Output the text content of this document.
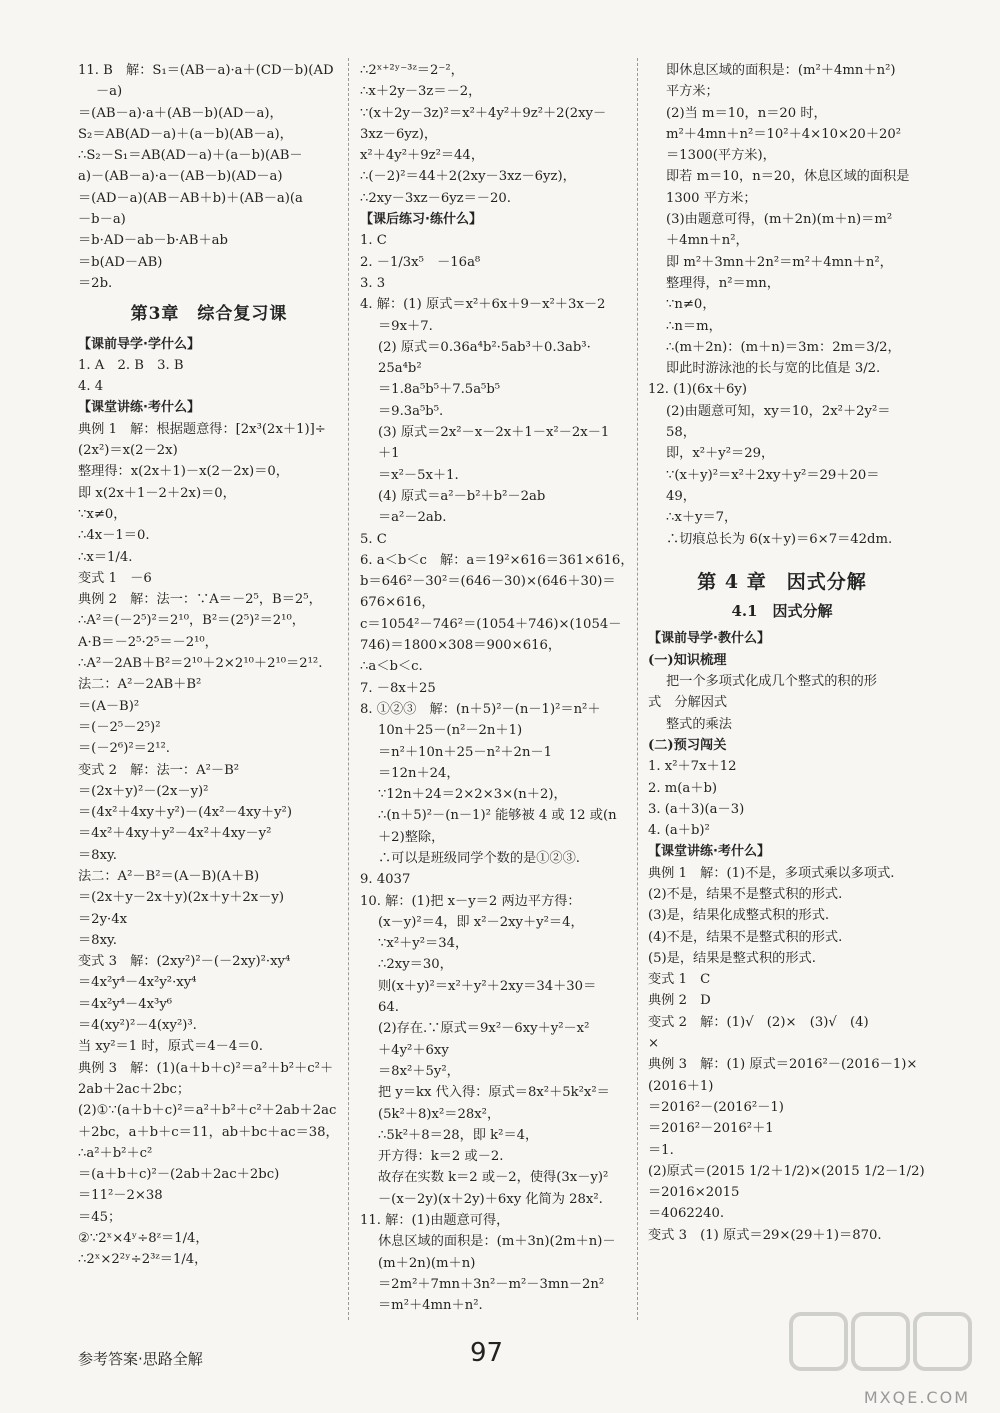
11. B　解：S₁＝(AB－a)·a＋(CD－b)(AD
－a)
＝(AB－a)·a＋(AB－b)(AD－a)，
S₂＝AB(AD－a)＋(a－b)(AB－a)，
∴S₂－S₁＝AB(AD－a)＋(a－b)(AB－
a)－(AB－a)·a－(AB－b)(AD－a)
＝(AD－a)(AB－AB＋b)＋(AB－a)(a
－b－a)
＝b·AD－ab－b·AB＋ab
＝b(AD－AB)
＝2b.
第3章　综合复习课
【课前导学·学什么】
1. A　2. B　3. B
4. 4
【课堂讲练·考什么】
典例 1　解：根据题意得：[2x³(2x＋1)]÷
(2x²)＝x(2－2x)
整理得：x(2x＋1)－x(2－2x)＝0，
即 x(2x＋1－2＋2x)＝0，
∵x≠0，
∴4x－1＝0.
∴x＝1/4.
变式 1　－6
典例 2　解：法一：∵A＝－2⁵，B＝2⁵，
∴A²＝(－2⁵)²＝2¹⁰，B²＝(2⁵)²＝2¹⁰，
A·B＝－2⁵·2⁵＝－2¹⁰，
∴A²－2AB＋B²＝2¹⁰＋2×2¹⁰＋2¹⁰＝2¹².
法二：A²－2AB＋B²
＝(A－B)²
＝(－2⁵－2⁵)²
＝(－2⁶)²＝2¹².
变式 2　解：法一：A²－B²
＝(2x＋y)²－(2x－y)²
＝(4x²＋4xy＋y²)－(4x²－4xy＋y²)
＝4x²＋4xy＋y²－4x²＋4xy－y²
＝8xy.
法二：A²－B²＝(A－B)(A＋B)
＝(2x＋y－2x＋y)(2x＋y＋2x－y)
＝2y·4x
＝8xy.
变式 3　解：(2xy²)²－(－2xy)²·xy⁴
＝4x²y⁴－4x²y²·xy⁴
＝4x²y⁴－4x³y⁶
＝4(xy²)²－4(xy²)³.
当 xy²＝1 时，原式＝4－4＝0.
典例 3　解：(1)(a＋b＋c)²＝a²＋b²＋c²＋
2ab＋2ac＋2bc；
(2)①∵(a＋b＋c)²＝a²＋b²＋c²＋2ab＋2ac
＋2bc，a＋b＋c＝11，ab＋bc＋ac＝38，
∴a²＋b²＋c²
＝(a＋b＋c)²－(2ab＋2ac＋2bc)
＝11²－2×38
＝45；
②∵2ˣ×4ʸ÷8ᶻ＝1/4，
∴2ˣ×2²ʸ÷2³ᶻ＝1/4，
∴2ˣ⁺²ʸ⁻³ᶻ＝2⁻²，
∴x＋2y－3z＝－2，
∵(x＋2y－3z)²＝x²＋4y²＋9z²＋2(2xy－
3xz－6yz)，
x²＋4y²＋9z²＝44，
∴(－2)²＝44＋2(2xy－3xz－6yz)，
∴2xy－3xz－6yz＝－20.
【课后练习·练什么】
1. C
2. －1/3x⁵　－16a⁸
3. 3
4. 解：(1) 原式＝x²＋6x＋9－x²＋3x－2
＝9x＋7.
(2) 原式＝0.36a⁴b²·5ab³＋0.3ab³·
25a⁴b²
＝1.8a⁵b⁵＋7.5a⁵b⁵
＝9.3a⁵b⁵.
(3) 原式＝2x²－x－2x＋1－x²－2x－1
＋1
＝x²－5x＋1.
(4) 原式＝a²－b²＋b²－2ab
＝a²－2ab.
5. C
6. a＜b＜c　解：a＝19²×616＝361×616，
b＝646²－30²＝(646－30)×(646＋30)＝
676×616，
c＝1054²－746²＝(1054＋746)×(1054－
746)＝1800×308＝900×616，
∴a＜b＜c.
7. －8x＋25
8. ①②③　解：(n＋5)²－(n－1)²＝n²＋
10n＋25－(n²－2n＋1)
＝n²＋10n＋25－n²＋2n－1
＝12n＋24，
∵12n＋24＝2×2×3×(n＋2)，
∴(n＋5)²－(n－1)² 能够被 4 或 12 或(n
＋2)整除，
∴可以是班级同学个数的是①②③.
9. 4037
10. 解：(1)把 x－y＝2 两边平方得：
(x－y)²＝4，即 x²－2xy＋y²＝4，
∵x²＋y²＝34，
∴2xy＝30，
则(x＋y)²＝x²＋y²＋2xy＝34＋30＝
64.
(2)存在.∵原式＝9x²－6xy＋y²－x²
＋4y²＋6xy
＝8x²＋5y²，
把 y＝kx 代入得：原式＝8x²＋5k²x²＝
(5k²＋8)x²＝28x²，
∴5k²＋8＝28，即 k²＝4，
开方得：k＝2 或－2.
故存在实数 k＝2 或－2，使得(3x－y)²
－(x－2y)(x＋2y)＋6xy 化简为 28x².
11. 解：(1)由题意可得，
休息区域的面积是：(m＋3n)(2m＋n)－
(m＋2n)(m＋n)
＝2m²＋7mn＋3n²－m²－3mn－2n²
＝m²＋4mn＋n².
即休息区域的面积是：(m²＋4mn＋n²)
平方米；
(2)当 m＝10，n＝20 时，
m²＋4mn＋n²＝10²＋4×10×20＋20²
＝1300(平方米)，
即若 m＝10，n＝20，休息区域的面积是
1300 平方米；
(3)由题意可得，(m＋2n)(m＋n)＝m²
＋4mn＋n²，
即 m²＋3mn＋2n²＝m²＋4mn＋n²，
整理得，n²＝mn，
∵n≠0，
∴n＝m，
∴(m＋2n)：(m＋n)＝3m：2m＝3/2，
即此时游泳池的长与宽的比值是 3/2.
12. (1)(6x＋6y)
(2)由题意可知，xy＝10，2x²＋2y²＝
58，
即，x²＋y²＝29，
∵(x＋y)²＝x²＋2xy＋y²＝29＋20＝
49，
∴x＋y＝7，
∴切痕总长为 6(x＋y)＝6×7＝42dm.
第 4 章　因式分解
4.1　因式分解
【课前导学·教什么】
(一)知识梳理
把一个多项式化成几个整式的积的形
式　分解因式
整式的乘法
(二)预习闯关
1. x²＋7x＋12
2. m(a＋b)
3. (a＋3)(a－3)
4. (a＋b)²
【课堂讲练·考什么】
典例 1　解：(1)不是，多项式乘以多项式.
(2)不是，结果不是整式积的形式.
(3)是，结果化成整式积的形式.
(4)不是，结果不是整式积的形式.
(5)是，结果是整式积的形式.
变式 1　C
典例 2　D
变式 2　解：(1)√　(2)×　(3)√　(4)
×
典例 3　解：(1) 原式＝2016²－(2016－1)×
(2016＋1)
＝2016²－(2016²－1)
＝2016²－2016²＋1
＝1.
(2)原式＝(2015 1/2＋1/2)×(2015 1/2－1/2)
＝2016×2015
＝4062240.
变式 3　(1) 原式＝29×(29＋1)＝870.
参考答案·思路全解	97
MXQE.COM
